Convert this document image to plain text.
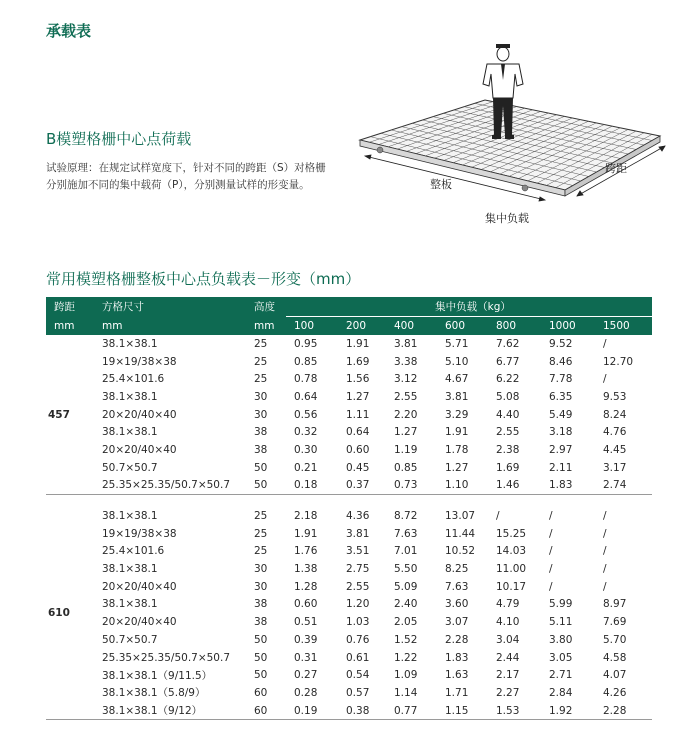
承载表
B模塑格栅中心点荷载
试验原理：在规定试样宽度下，针对不同的跨距（S）对格栅
分别施加不同的集中载荷（P），分别测量试样的形变量。	整板
跨距
集中负载
常用模塑格栅整板中心点负载表－形变（mm）
跨距	方格尺寸	高度	集中负载（kg）						
mm	mm	mm	100	200	400	600	800	1000	1500
457	38.1×38.1	25	0.95	1.91	3.81	5.71	7.62	9.52	/
	19×19/38×38	25	0.85	1.69	3.38	5.10	6.77	8.46	12.70
	25.4×101.6	25	0.78	1.56	3.12	4.67	6.22	7.78	/
	38.1×38.1	30	0.64	1.27	2.55	3.81	5.08	6.35	9.53
	20×20/40×40	30	0.56	1.11	2.20	3.29	4.40	5.49	8.24
	38.1×38.1	38	0.32	0.64	1.27	1.91	2.55	3.18	4.76
	20×20/40×40	38	0.30	0.60	1.19	1.78	2.38	2.97	4.45
	50.7×50.7	50	0.21	0.45	0.85	1.27	1.69	2.11	3.17
	25.35×25.35/50.7×50.7	50	0.18	0.37	0.73	1.10	1.46	1.83	2.74

610	38.1×38.1	25	2.18	4.36	8.72	13.07	/	/	/
	19×19/38×38	25	1.91	3.81	7.63	11.44	15.25	/	/
	25.4×101.6	25	1.76	3.51	7.01	10.52	14.03	/	/
	38.1×38.1	30	1.38	2.75	5.50	8.25	11.00	/	/
	20×20/40×40	30	1.28	2.55	5.09	7.63	10.17	/	/
	38.1×38.1	38	0.60	1.20	2.40	3.60	4.79	5.99	8.97
	20×20/40×40	38	0.51	1.03	2.05	3.07	4.10	5.11	7.69
	50.7×50.7	50	0.39	0.76	1.52	2.28	3.04	3.80	5.70
	25.35×25.35/50.7×50.7	50	0.31	0.61	1.22	1.83	2.44	3.05	4.58
	38.1×38.1（9/11.5）	50	0.27	0.54	1.09	1.63	2.17	2.71	4.07
	38.1×38.1（5.8/9）	60	0.28	0.57	1.14	1.71	2.27	2.84	4.26
	38.1×38.1（9/12）	60	0.19	0.38	0.77	1.15	1.53	1.92	2.28
